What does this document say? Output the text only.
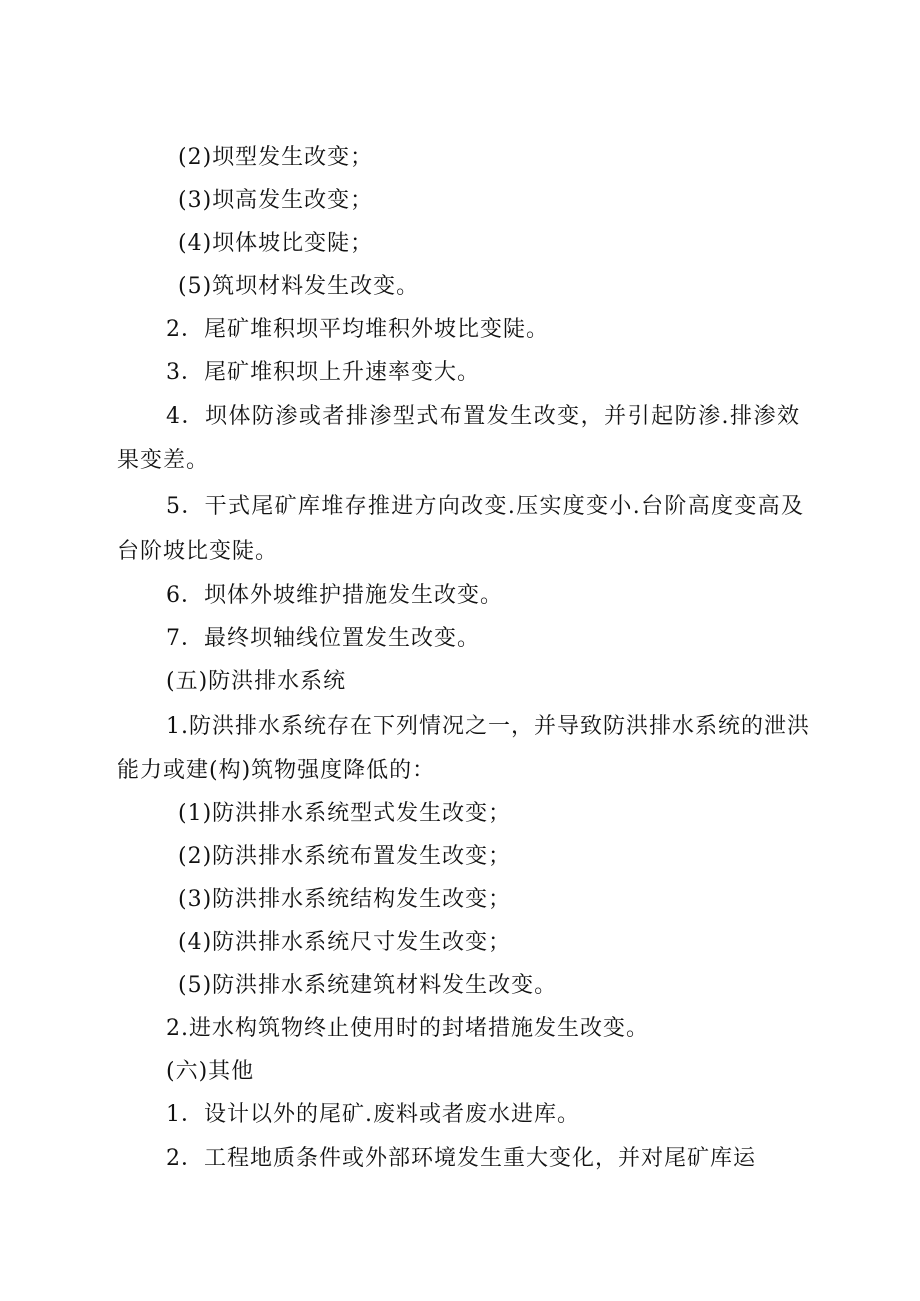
(2)坝型发生改变；
(3)坝高发生改变；
(4)坝体坡比变陡；
(5)筑坝材料发生改变。
2．尾矿堆积坝平均堆积外坡比变陡。
3．尾矿堆积坝上升速率变大。
4．坝体防渗或者排渗型式布置发生改变，并引起防渗.排渗效
果变差。
5．干式尾矿库堆存推进方向改变.压实度变小.台阶高度变高及
台阶坡比变陡。
6．坝体外坡维护措施发生改变。
7．最终坝轴线位置发生改变。
(五)防洪排水系统
1.防洪排水系统存在下列情况之一，并导致防洪排水系统的泄洪
能力或建(构)筑物强度降低的：
(1)防洪排水系统型式发生改变；
(2)防洪排水系统布置发生改变；
(3)防洪排水系统结构发生改变；
(4)防洪排水系统尺寸发生改变；
(5)防洪排水系统建筑材料发生改变。
2.进水构筑物终止使用时的封堵措施发生改变。
(六)其他
1．设计以外的尾矿.废料或者废水进库。
2．工程地质条件或外部环境发生重大变化，并对尾矿库运
